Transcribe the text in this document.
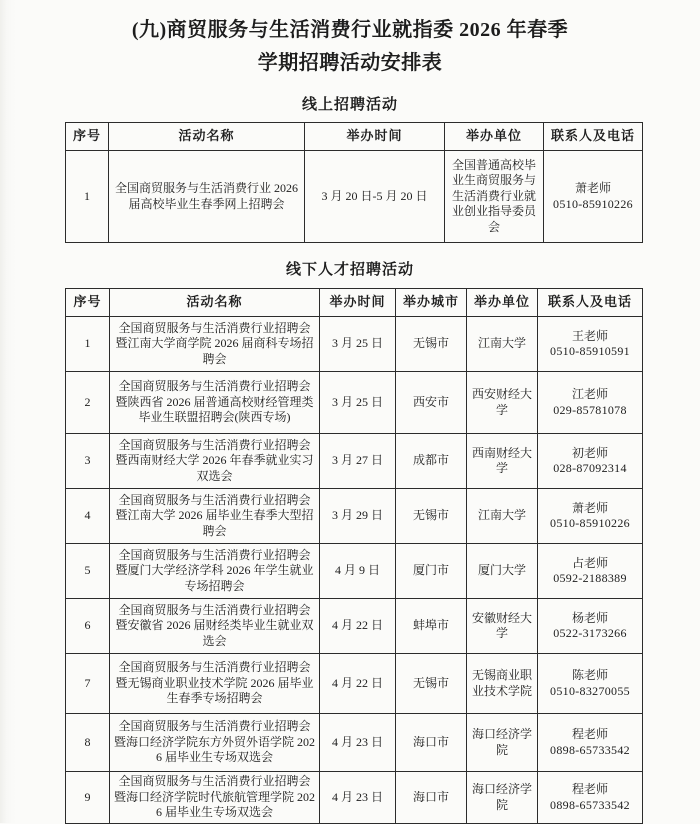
(九)商贸服务与生活消费行业就指委 2026 年春季
学期招聘活动安排表
线上招聘活动
序号	活动名称	举办时间	举办单位	联系人及电话
1	全国商贸服务与生活消费行业 2026 届高校毕业生春季网上招聘会	3 月 20 日-5 月 20 日	全国普通高校毕业生商贸服务与生活消费行业就业创业指导委员会	萧老师
0510-85910226
线下人才招聘活动
序号	活动名称	举办时间	举办城市	举办单位	联系人及电话
1	全国商贸服务与生活消费行业招聘会暨江南大学商学院 2026 届商科专场招聘会	3 月 25 日	无锡市	江南大学	王老师
0510-85910591

2	全国商贸服务与生活消费行业招聘会暨陕西省 2026 届普通高校财经管理类毕业生联盟招聘会(陕西专场)	3 月 25 日	西安市	西安财经大学	江老师
029-85781078

3	全国商贸服务与生活消费行业招聘会暨西南财经大学 2026 年春季就业实习双选会	3 月 27 日	成都市	西南财经大学	初老师
028-87092314

4	全国商贸服务与生活消费行业招聘会暨江南大学 2026 届毕业生春季大型招聘会	3 月 29 日	无锡市	江南大学	萧老师
0510-85910226

5	全国商贸服务与生活消费行业招聘会暨厦门大学经济学科 2026 年学生就业专场招聘会	4 月 9 日	厦门市	厦门大学	占老师
0592-2188389

6	全国商贸服务与生活消费行业招聘会暨安徽省 2026 届财经类毕业生就业双选会	4 月 22 日	蚌埠市	安徽财经大学	杨老师
0522-3173266

7	全国商贸服务与生活消费行业招聘会暨无锡商业职业技术学院 2026 届毕业生春季专场招聘会	4 月 22 日	无锡市	无锡商业职业技术学院	陈老师
0510-83270055

8	全国商贸服务与生活消费行业招聘会暨海口经济学院东方外贸外语学院 2026 届毕业生专场双选会	4 月 23 日	海口市	海口经济学院	程老师
0898-65733542

9	全国商贸服务与生活消费行业招聘会暨海口经济学院时代旅航管理学院 2026 届毕业生专场双选会	4 月 23 日	海口市	海口经济学院	程老师
0898-65733542
